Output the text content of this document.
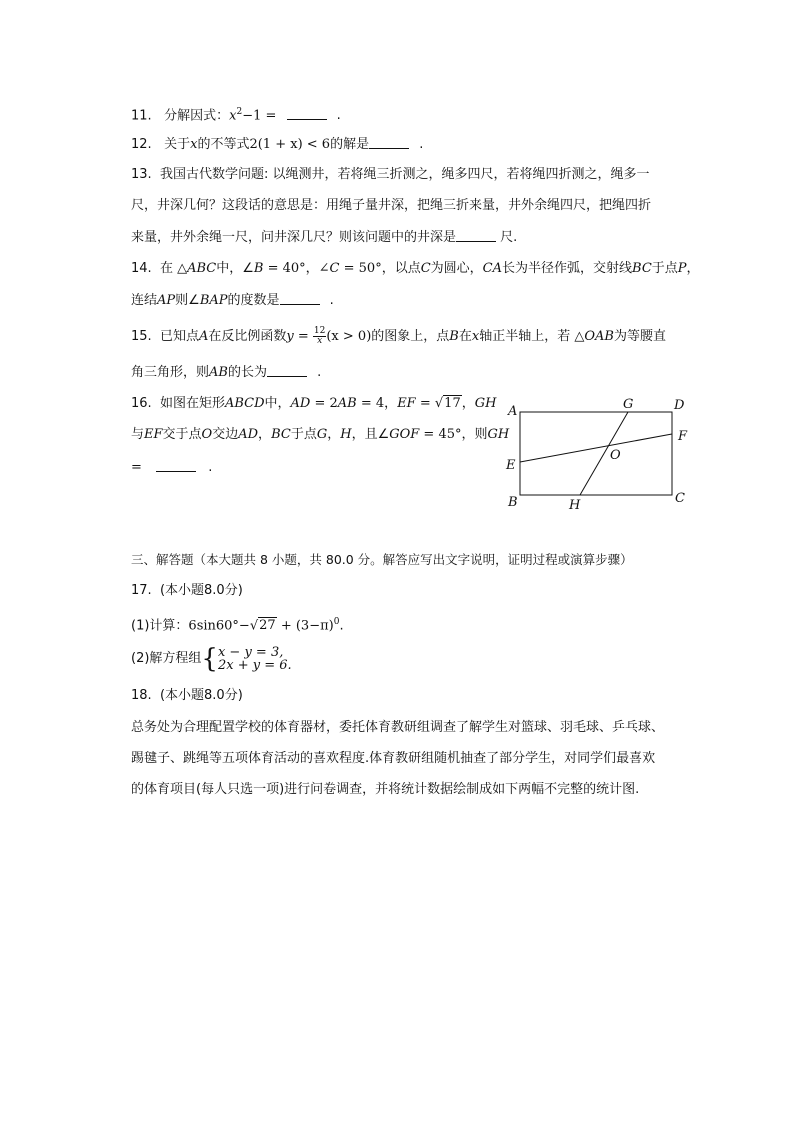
11. 分解因式：$x^2-1$ =	.
12. 关于x的不等式2(1 + x) < 6的解是	.
13. 我国古代数学问题: 以绳测井，若将绳三折测之，绳多四尺，若将绳四折测之，绳多一
尺，井深几何？这段话的意思是：用绳子量井深，把绳三折来量，井外余绳四尺，把绳四折
来量，井外余绳一尺，问井深几尺？则该问题中的井深是	尺.
14. 在 △ABC中，∠B = 40°，∠C = 50°，以点C为圆心，CA长为半径作弧，交射线BC于点P，
连结AP则∠BAP的度数是	.
15. 已知点A在反比例函数$y = \frac{12}{x} (x > 0)$的图象上，点B在x轴正半轴上，若 △OAB为等腰直
角三角形，则AB的长为	.
16. 如图在矩形ABCD中，AD = 2AB = 4，EF = √17，GH
与EF交于点O交边AD，BC于点G，H，且∠GOF = 45°，则GH
=	.
A
B	C
D
E
F
G
H
O
三、解答题（本大题共 8 小题，共 80.0 分。解答应写出文字说明，证明过程或演算步骤）
17. (本小题8.0分)
(1)计算：$6\sin 60^\circ-√27 + (3-\pi)^0$.
(2)解方程组{ x − y = 3,
2x + y = 6.
18. (本小题8.0分)
总务处为合理配置学校的体育器材，委托体育教研组调查了解学生对篮球、羽毛球、乒乓球、
踢毽子、跳绳等五项体育活动的喜欢程度.体育教研组随机抽查了部分学生，对同学们最喜欢
的体育项目(每人只选一项)进行问卷调查，并将统计数据绘制成如下两幅不完整的统计图.
